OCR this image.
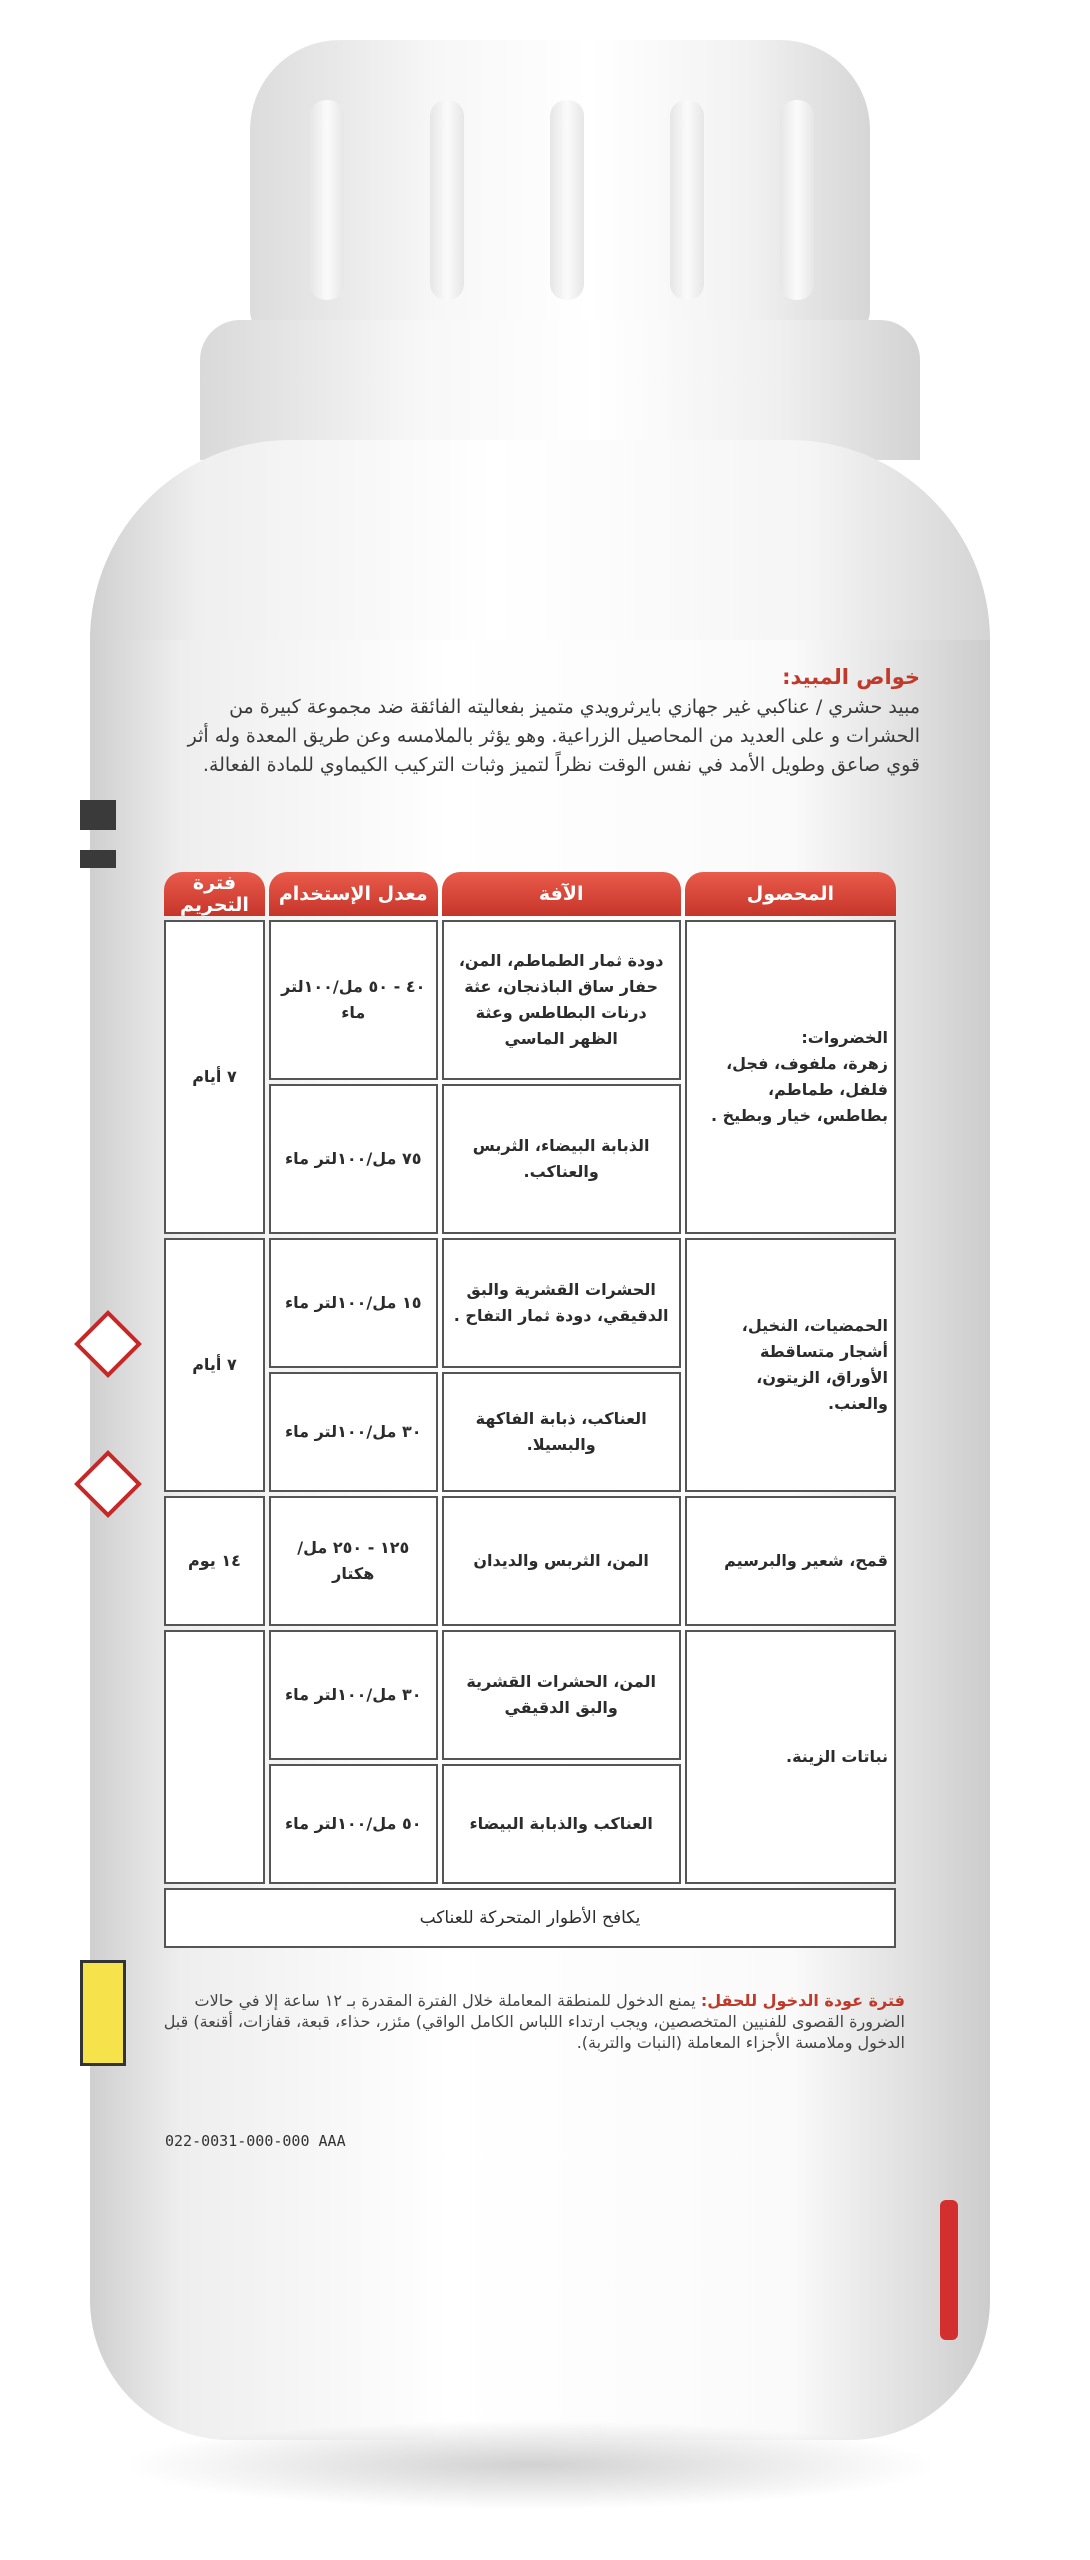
خواص المبيد:

مبيد حشري / عناكبي غير جهازي بايرثرويدي متميز بفعاليته الفائقة ضد مجموعة كبيرة من الحشرات و على العديد من المحاصيل الزراعية. وهو يؤثر بالملامسه وعن طريق المعدة وله أثر قوي صاعق وطويل الأمد في نفس الوقت نظراً لتميز وثبات التركيب الكيماوي للمادة الفعالة.

المحصول	الآفة	معدل الإستخدام	فترة التحريم
الخضروات:
زهرة، ملفوف، فجل، فلفل، طماطم، بطاطس، خيار وبطيخ .	دودة ثمار الطماطم، المن، حفار ساق الباذنجان، عثة درنات البطاطس وعثة الظهر الماسي	٤٠ - ٥٠ مل/١٠٠لتر ماء	٧ أيام
	الذبابة البيضاء، الثربس والعناكب.	٧٥ مل/١٠٠لتر ماء	
الحمضيات، النخيل، أشجار متساقطة الأوراق، الزيتون، والعنب.	الحشرات القشرية والبق الدقيقي، دودة ثمار التفاح .	١٥ مل/١٠٠لتر ماء	٧ أيام
	العناكب، ذبابة الفاكهة والبسيلا.	٣٠ مل/١٠٠لتر ماء	
قمح، شعير والبرسيم	المن، الثربس والديدان	١٢٥ - ٢٥٠ مل/هكتار	١٤ يوم
نباتات الزينة.	المن، الحشرات القشرية والبق الدقيقي	٣٠ مل/١٠٠لتر ماء	
	العناكب والذبابة البيضاء	٥٠ مل/١٠٠لتر ماء	
يكافح الأطوار المتحركة للعناكب			
فترة عودة الدخول للحقل: يمنع الدخول للمنطقة المعاملة خلال الفترة المقدرة بـ ١٢ ساعة إلا في حالات الضرورة القصوى للفنيين المتخصصين، ويجب ارتداء اللباس الكامل الواقي) مئزر، حذاء، قبعة، قفازات، أقنعة) قبل الدخول وملامسة الأجزاء المعاملة (النبات والتربة).
022-0031-000-000 AAA
